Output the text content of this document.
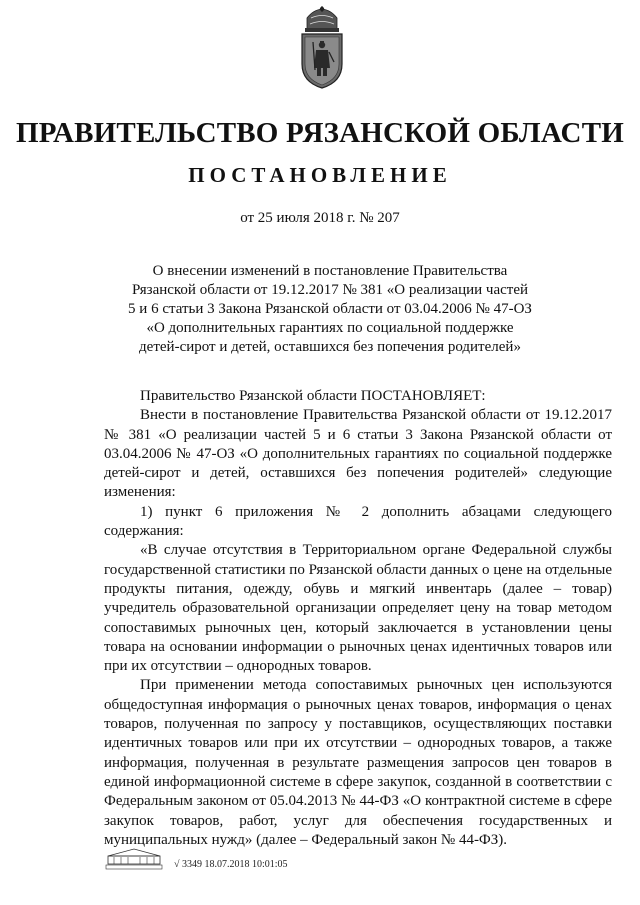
ПРАВИТЕЛЬСТВО РЯЗАНСКОЙ ОБЛАСТИ
ПОСТАНОВЛЕНИЕ
от 25 июля 2018 г. № 207
О внесении изменений в постановление Правительства
Рязанской области от 19.12.2017 № 381 «О реализации частей
5 и 6 статьи 3 Закона Рязанской области от 03.04.2006 № 47-ОЗ
«О дополнительных гарантиях по социальной поддержке
детей-сирот и детей, оставшихся без попечения родителей»

Правительство Рязанской области ПОСТАНОВЛЯЕТ:

Внести в постановление Правительства Рязанской области от 19.12.2017 № 381 «О реализации частей 5 и 6 статьи 3 Закона Рязанской области от 03.04.2006 № 47-ОЗ «О дополнительных гарантиях по социальной поддержке детей-сирот и детей, оставшихся без попечения родителей» следующие изменения:

1) пункт 6 приложения № 2 дополнить абзацами следующего содержания:

«В случае отсутствия в Территориальном органе Федеральной службы государственной статистики по Рязанской области данных о цене на отдельные продукты питания, одежду, обувь и мягкий инвентарь (далее – товар) учредитель образовательной организации определяет цену на товар методом сопоставимых рыночных цен, который заключается в установлении цены товара на основании информации о рыночных ценах идентичных товаров или при их отсутствии – однородных товаров.

При применении метода сопоставимых рыночных цен используются общедоступная информация о рыночных ценах товаров, информация о ценах товаров, полученная по запросу у поставщиков, осуществляющих поставки идентичных товаров или при их отсутствии – однородных товаров, а также информация, полученная в результате размещения запросов цен товаров в единой информационной системе в сфере закупок, созданной в соответствии с Федеральным законом от 05.04.2013 № 44-ФЗ «О контрактной системе в сфере закупок товаров, работ, услуг для обеспечения государственных и муниципальных нужд» (далее – Федеральный закон № 44-ФЗ).

√ 3349 18.07.2018 10:01:05
